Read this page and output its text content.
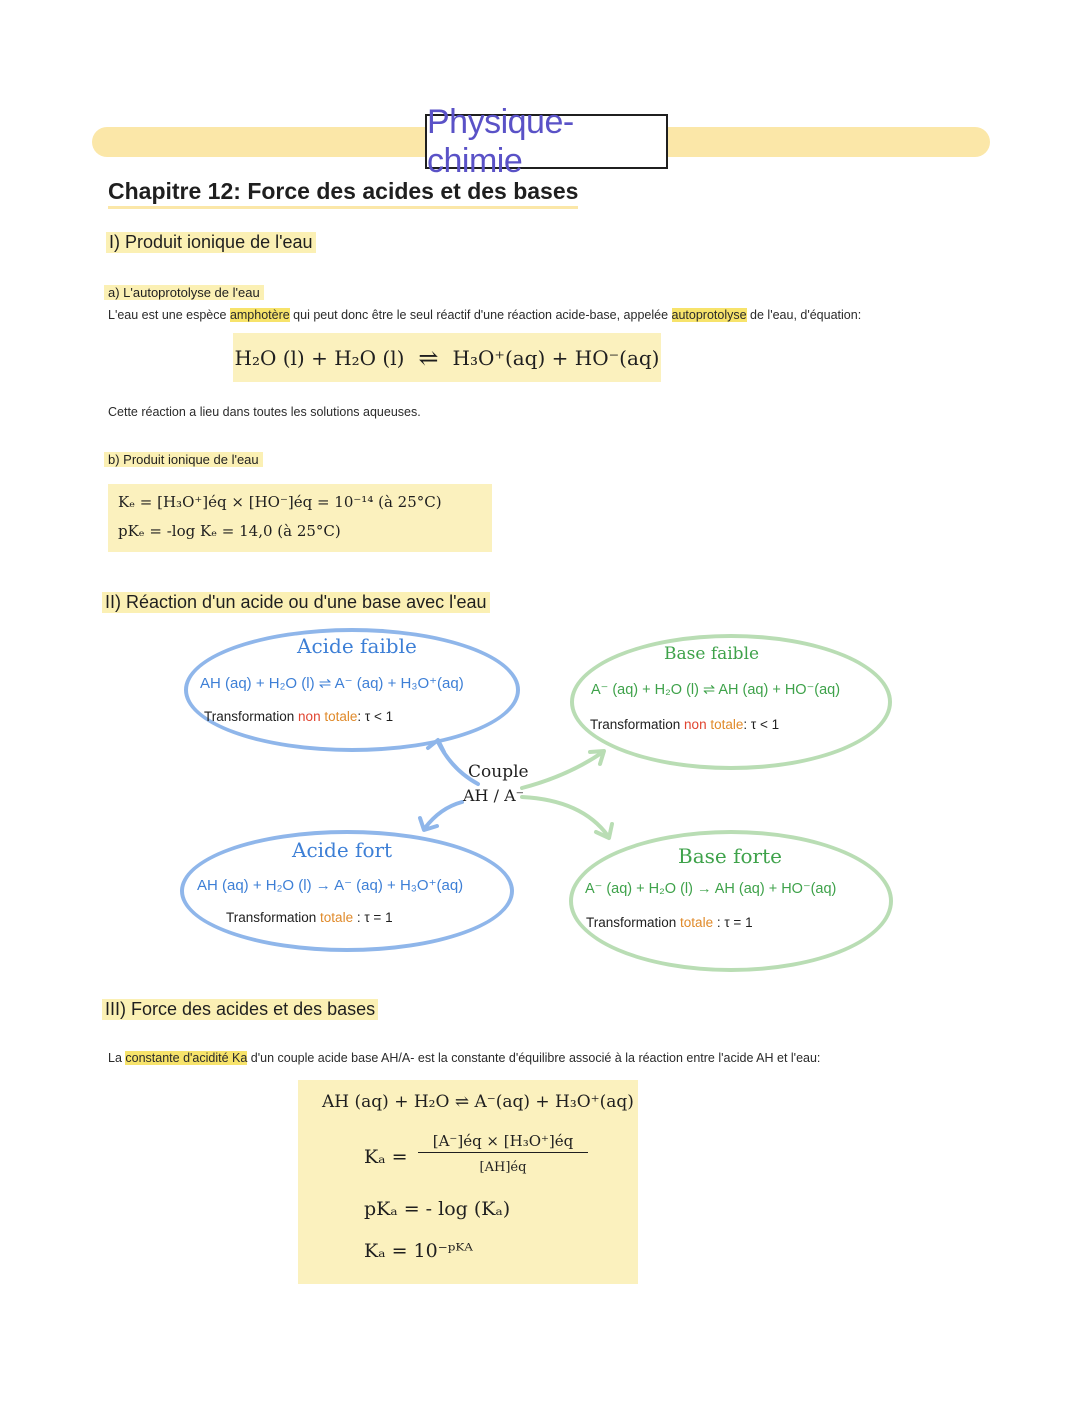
Physique-chimie
Chapitre 12: Force des acides et des bases
I) Produit ionique de l'eau
a) L'autoprotolyse de l'eau
L'eau est une espèce amphotère qui peut donc être le seul réactif d'une réaction acide-base, appelée autoprotolyse de l'eau, d'équation:
H₂O (l) + H₂O (l) ⇌ H₃O⁺(aq) + HO⁻(aq)
Cette réaction a lieu dans toutes les solutions aqueuses.
b) Produit ionique de l'eau
Kₑ = [H₃O⁺]éq × [HO⁻]éq = 10⁻¹⁴ (à 25°C)
pKₑ = -log Kₑ = 14,0 (à 25°C)
II) Réaction d'un acide ou d'une base avec l'eau
Acide faible
AH (aq) + H₂O (l) ⇌ A⁻ (aq) + H₃O⁺(aq)
Transformation non totale: τ < 1
Base faible
A⁻ (aq) + H₂O (l) ⇌ AH (aq) + HO⁻(aq)
Transformation non totale: τ < 1
Couple
AH / A⁻
Acide fort
AH (aq) + H₂O (l) → A⁻ (aq) + H₃O⁺(aq)
Transformation totale : τ = 1
Base forte
A⁻ (aq) + H₂O (l) → AH (aq) + HO⁻(aq)
Transformation totale : τ = 1
III) Force des acides et des bases
La constante d'acidité Ka d'un couple acide base AH/A- est la constante d'équilibre associé à la réaction entre l'acide AH et l'eau:
AH (aq) + H₂O ⇌ A⁻(aq) + H₃O⁺(aq)
Kₐ =
[A⁻]éq × [H₃O⁺]éq
[AH]éq
pKₐ = - log (Kₐ)
Kₐ = 10⁻ᵖᴷᴬ
